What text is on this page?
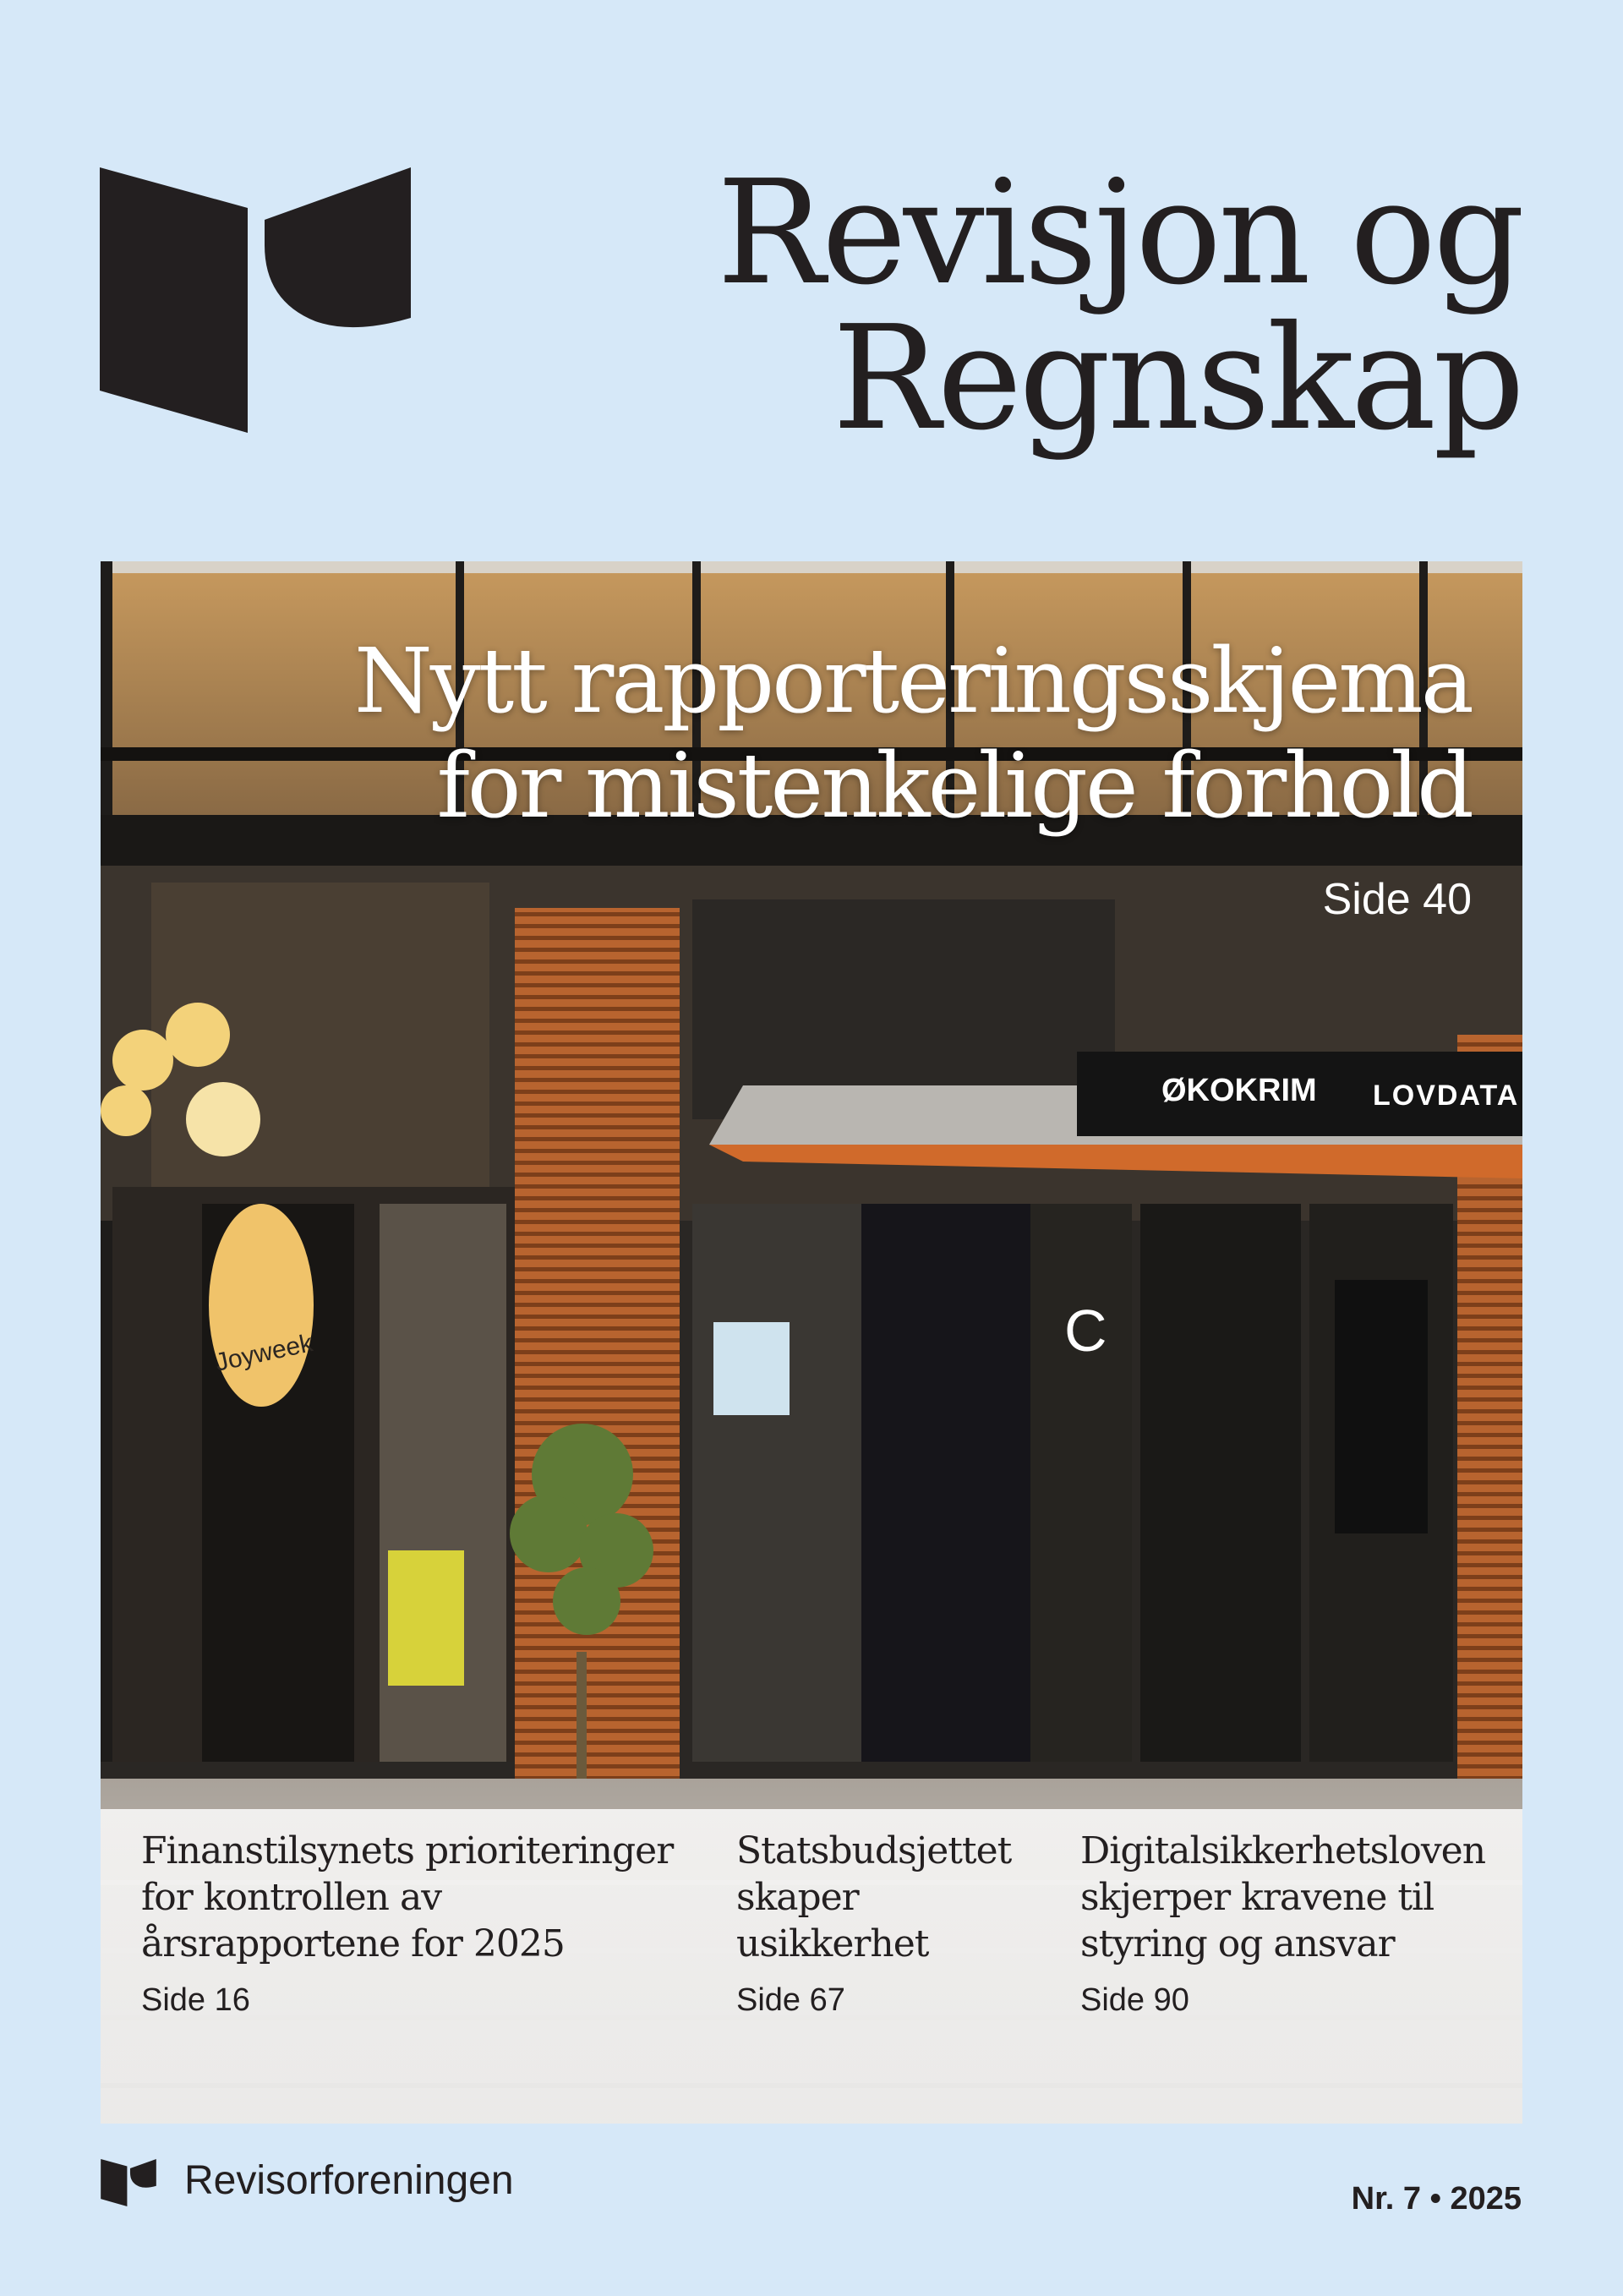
Revisjon og
Regnskap
ØKOKRIM LOVDATA
Joyweek	C
Nytt rapporteringsskjema
for mistenkelige forhold
Side 40
Finanstilsynets prioriteringer
for kontrollen av
årsrapportene for 2025
Side 16
Statsbudsjettet
skaper
usikkerhet
Side 67
Digitalsikkerhetsloven
skjerper kravene til
styring og ansvar
Side 90
Revisorforeningen	Nr. 7 • 2025
